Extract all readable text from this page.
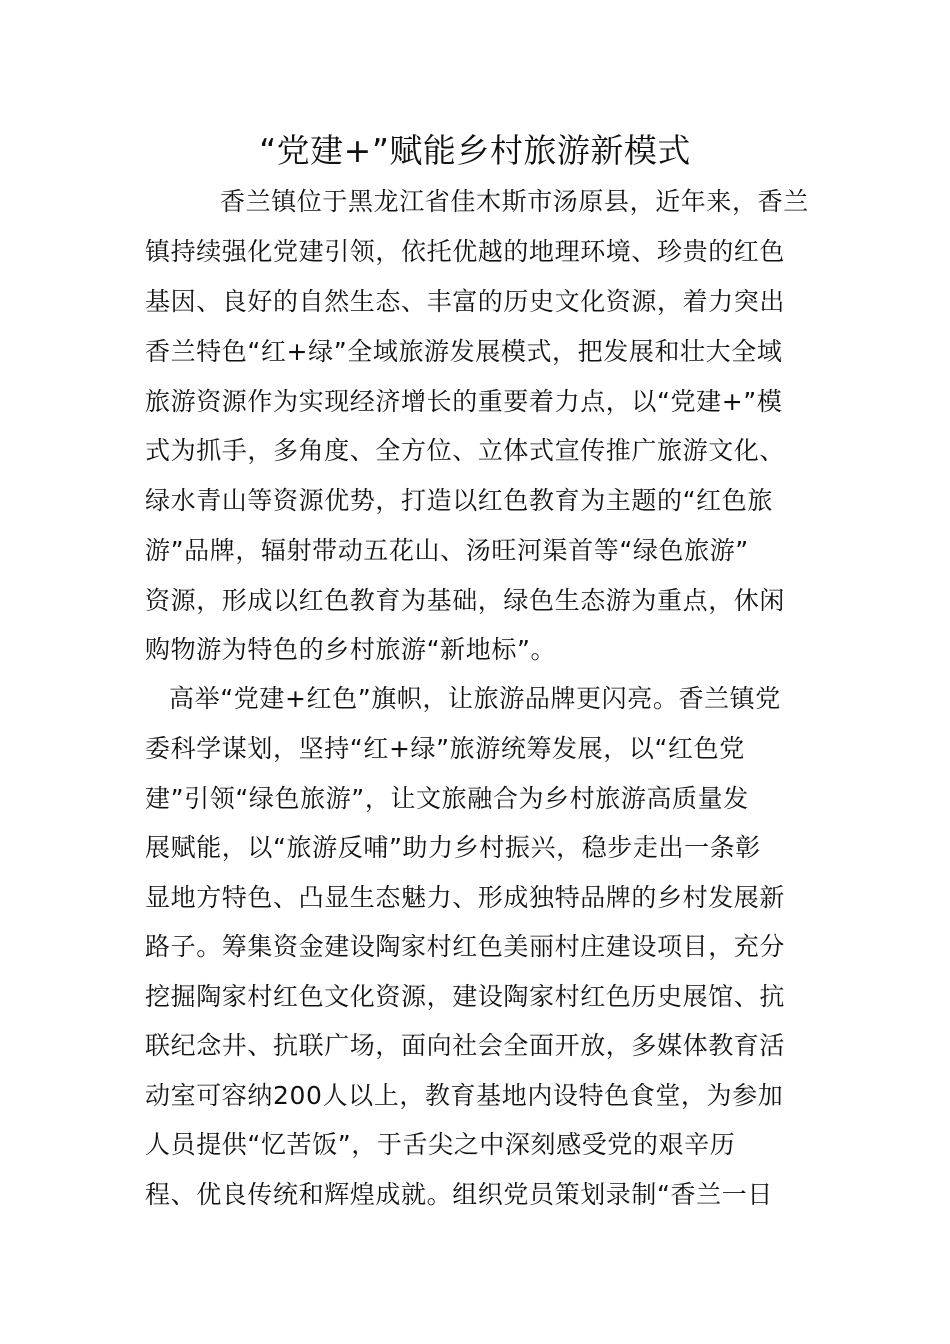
“党建+”赋能乡村旅游新模式
香兰镇位于黑龙江省佳木斯市汤原县，近年来，香兰
镇持续强化党建引领，依托优越的地理环境、珍贵的红色
基因、良好的自然生态、丰富的历史文化资源，着力突出
香兰特色“红+绿”全域旅游发展模式，把发展和壮大全域
旅游资源作为实现经济增长的重要着力点，以“党建+”模
式为抓手，多角度、全方位、立体式宣传推广旅游文化、
绿水青山等资源优势，打造以红色教育为主题的“红色旅
游”品牌，辐射带动五花山、汤旺河渠首等“绿色旅游”
资源，形成以红色教育为基础，绿色生态游为重点，休闲
购物游为特色的乡村旅游“新地标”。
高举“党建+红色”旗帜，让旅游品牌更闪亮。香兰镇党
委科学谋划，坚持“红+绿”旅游统筹发展，以“红色党
建”引领“绿色旅游”，让文旅融合为乡村旅游高质量发
展赋能，以“旅游反哺”助力乡村振兴，稳步走出一条彰
显地方特色、凸显生态魅力、形成独特品牌的乡村发展新
路子。筹集资金建设陶家村红色美丽村庄建设项目，充分
挖掘陶家村红色文化资源，建设陶家村红色历史展馆、抗
联纪念井、抗联广场，面向社会全面开放，多媒体教育活
动室可容纳200人以上，教育基地内设特色食堂，为参加
人员提供“忆苦饭”，于舌尖之中深刻感受党的艰辛历
程、优良传统和辉煌成就。组织党员策划录制“香兰一日
